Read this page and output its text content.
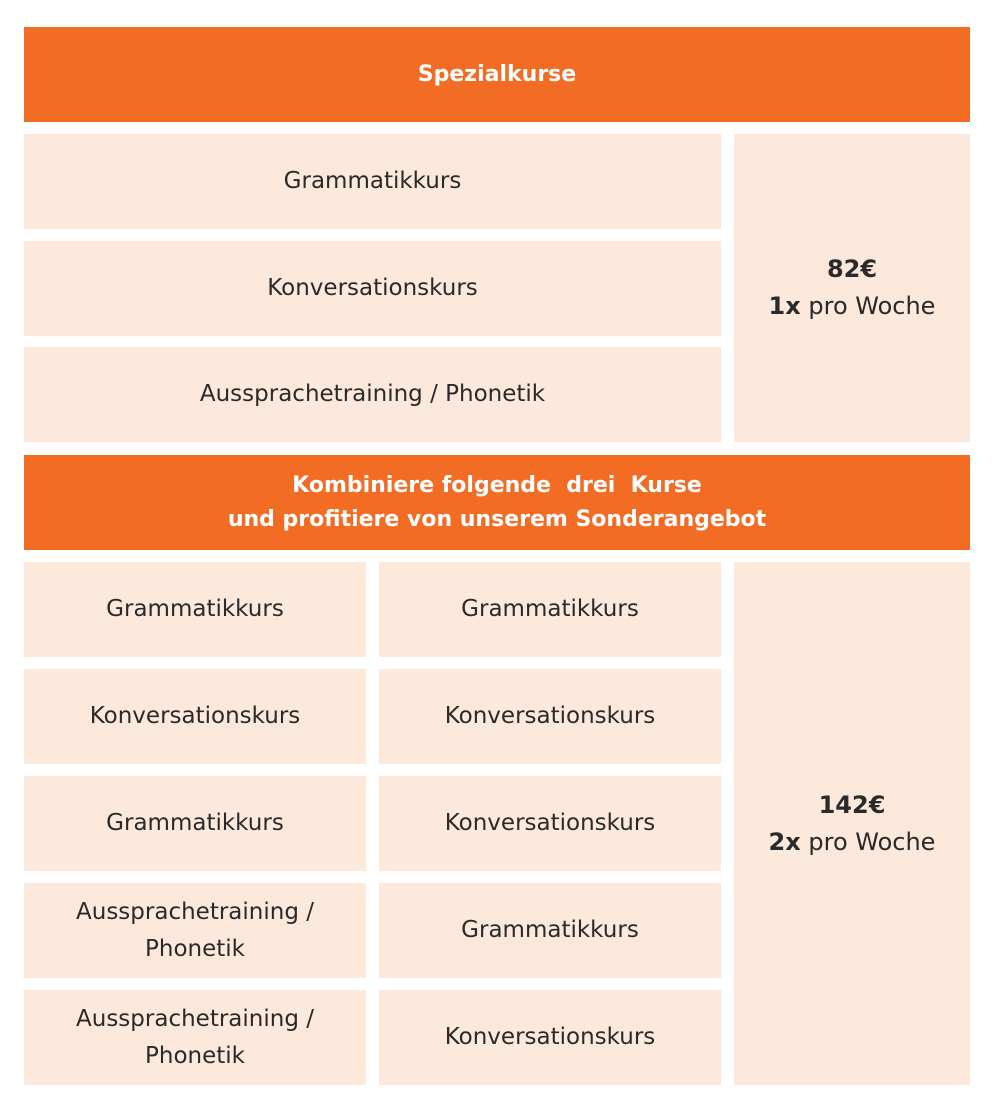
Spezialkurse
Grammatikkurs
Konversationskurs
Aussprachetraining / Phonetik
82€
1x pro Woche
Kombiniere folgende  drei  Kurse
und profitiere von unserem Sonderangebot
Grammatikkurs
Konversationskurs
Grammatikkurs
Aussprachetraining /
Phonetik
Aussprachetraining /
Phonetik
Grammatikkurs
Konversationskurs
Konversationskurs
Grammatikkurs
Konversationskurs
142€
2x pro Woche
